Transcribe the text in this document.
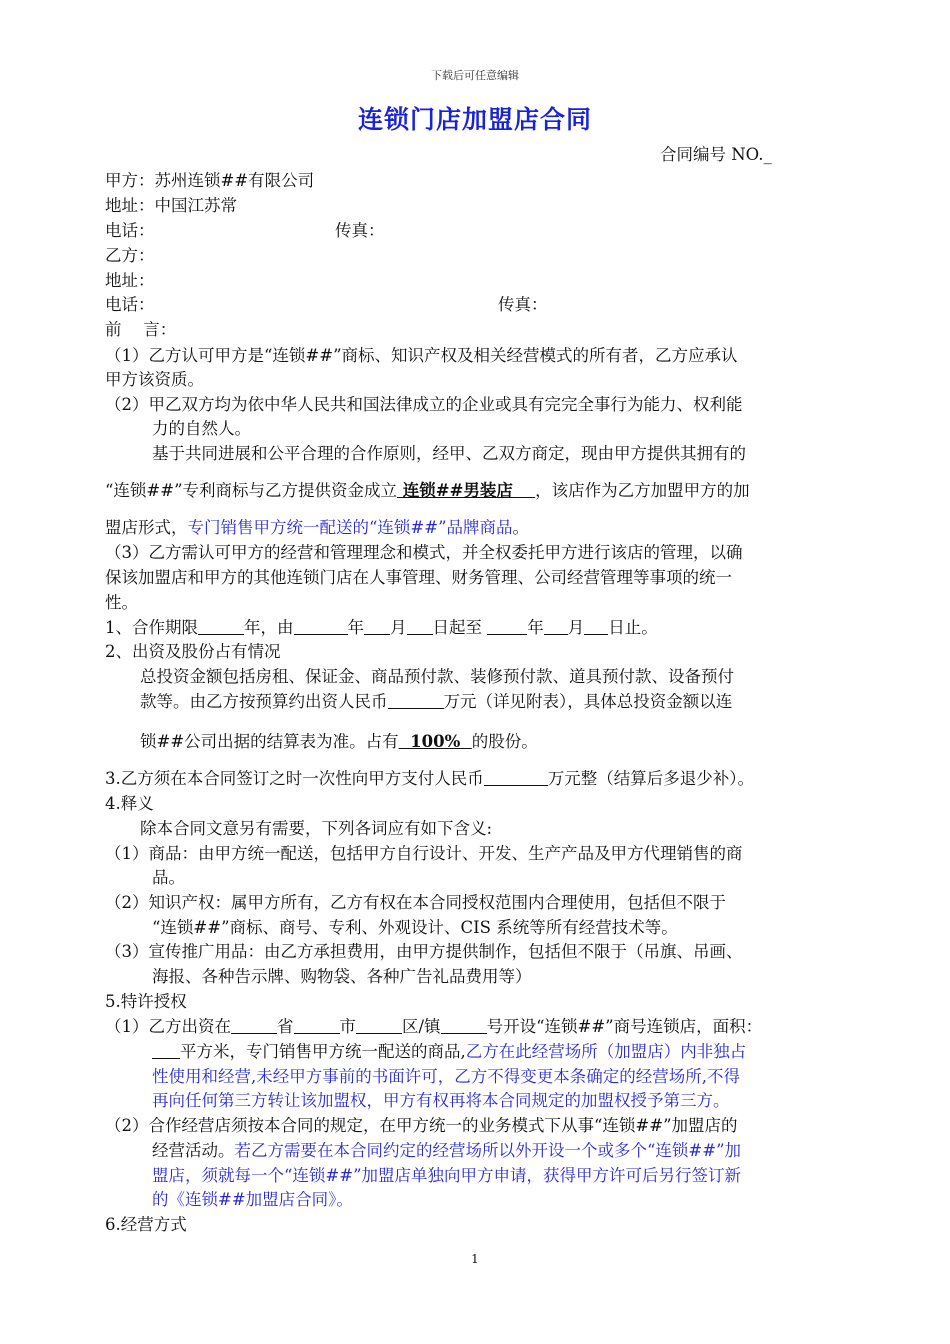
下载后可任意编辑
连锁门店加盟店合同
合同编号 NO._
甲方：苏州连锁##有限公司
地址：中国江苏常
电话：	传真：
乙方：
地址：
电话：	传真：
前　 言：
（1）乙方认可甲方是“连锁##”商标、知识产权及相关经营模式的所有者，乙方应承认
甲方该资质。
（2）甲乙双方均为依中华人民共和国法律成立的企业或具有完完全事行为能力、权利能
力的自然人。
基于共同进展和公平合理的合作原则，经甲、乙双方商定，现由甲方提供其拥有的
“连锁##”专利商标与乙方提供资金成立 连锁##男装店  ，该店作为乙方加盟甲方的加
盟店形式，专门销售甲方统一配送的“连锁##”品牌商品。
（3）乙方需认可甲方的经营和管理理念和模式，并全权委托甲方进行该店的管理，以确
保该加盟店和甲方的其他连锁门店在人事管理、财务管理、公司经营管理等事项的统一
性。
1、合作期限	年，由	年 月 日起至 年 月 日止。
2、出资及股份占有情况
总投资金额包括房租、保证金、商品预付款、装修预付款、道具预付款、设备预付
款等。由乙方按预算约出资人民币	万元（详见附表），具体总投资金额以连
锁##公司出据的结算表为准。占有  100%  的股份。
3.乙方须在本合同签订之时一次性向甲方支付人民币	万元整（结算后多退少补）。
4.释义
除本合同文意另有需要，下列各词应有如下含义:
（1）商品：由甲方统一配送，包括甲方自行设计、开发、生产产品及甲方代理销售的商
品。
（2）知识产权：属甲方所有，乙方有权在本合同授权范围内合理使用，包括但不限于
“连锁##”商标、商号、专利、外观设计、CIS 系统等所有经营技术等。
（3）宣传推广用品：由乙方承担费用，由甲方提供制作，包括但不限于（吊旗、吊画、
海报、各种告示牌、购物袋、各种广告礼品费用等）
5.特许授权
（1）乙方出资在	省	市	区/镇	号开设“连锁##”商号连锁店，面积：
平方米，专门销售甲方统一配送的商品,乙方在此经营场所（加盟店）内非独占
性使用和经营,未经甲方事前的书面许可，乙方不得变更本条确定的经营场所,不得
再向任何第三方转让该加盟权，甲方有权再将本合同规定的加盟权授予第三方。
（2）合作经营店须按本合同的规定，在甲方统一的业务模式下从事“连锁##”加盟店的
经营活动。若乙方需要在本合同约定的经营场所以外开设一个或多个“连锁##”加
盟店，须就每一个“连锁##”加盟店单独向甲方申请，获得甲方许可后另行签订新
的《连锁##加盟店合同》。
6.经营方式
1
